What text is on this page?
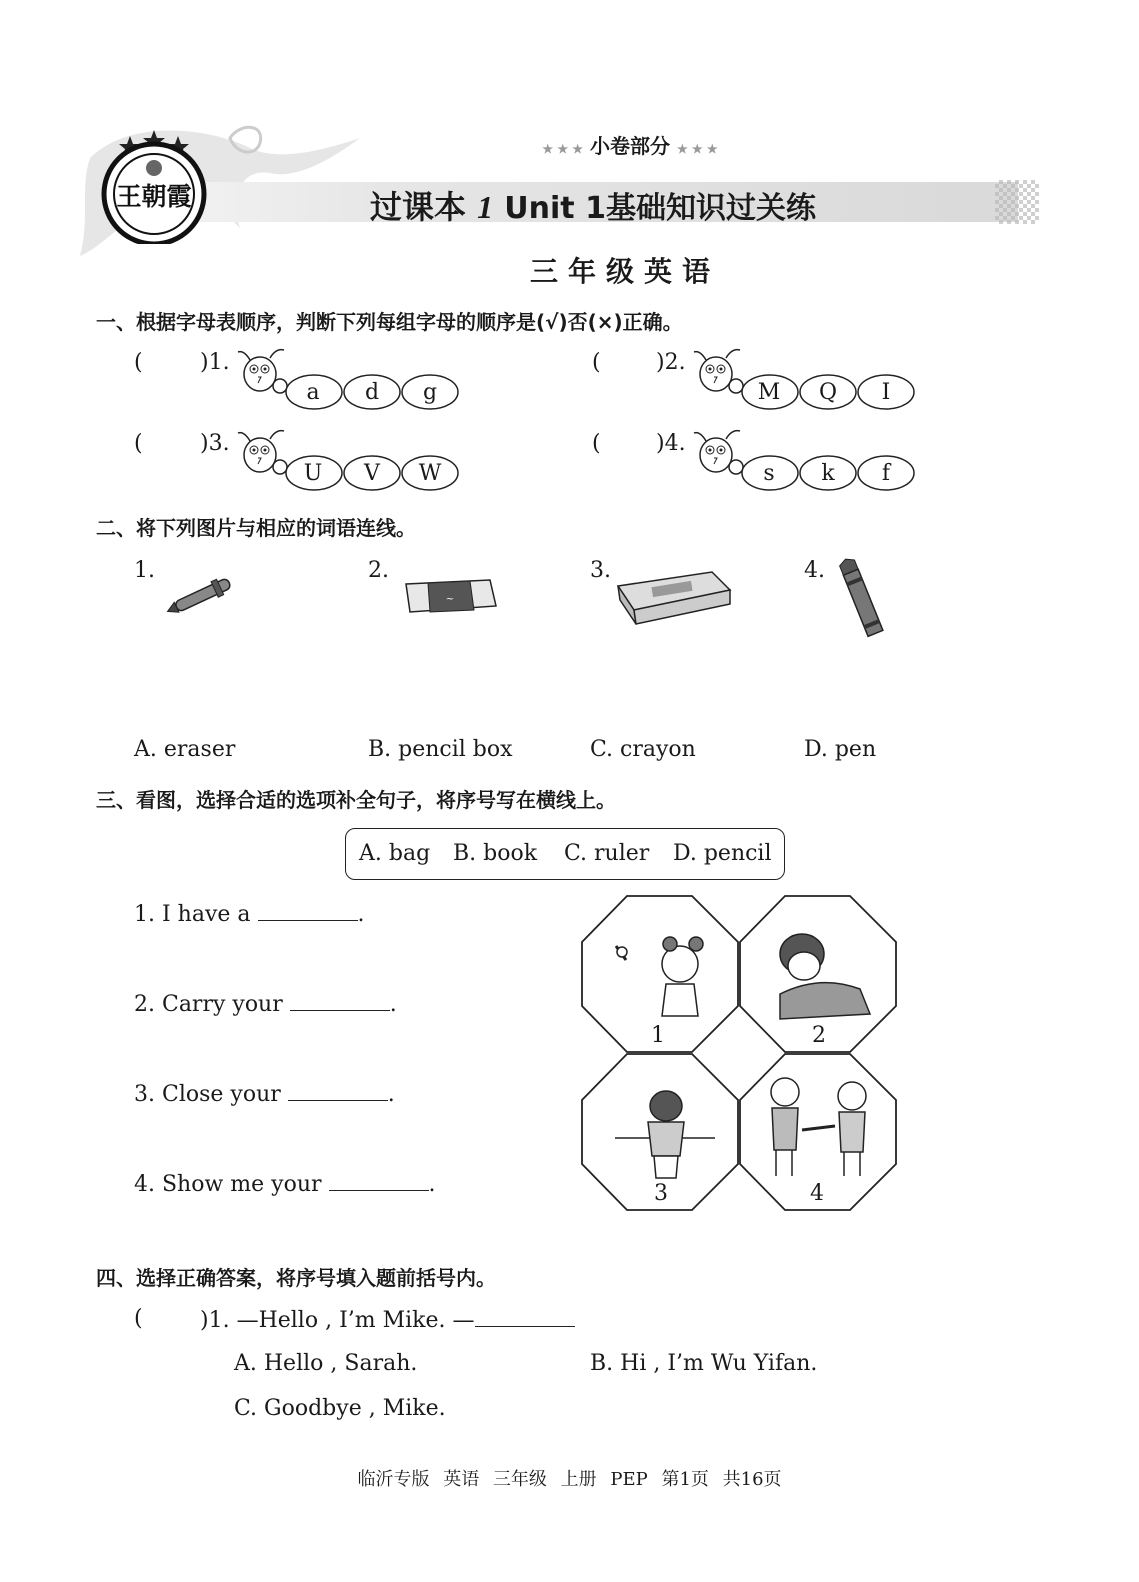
王朝霞
★ ★ ★ 小卷部分 ★ ★ ★
过课本 1 Unit 1基础知识过关练
三年级英语
一、根据字母表顺序，判断下列每组字母的顺序是(√)否(×)正确。
(	)1.
a	d	g
(	)2.
M Q	I
(	)3.
U	V	W
(	)4.
s	k	f
二、将下列图片与相应的词语连线。
1.	2.
~
3.	4.
A. eraser	B. pencil box	C. crayon	D. pen
三、看图，选择合适的选项补全句子，将序号写在横线上。
A. bag B. book C. ruler D. pencil
1. I have a	.
2. Carry your	.
3. Close your	.
4. Show me your	.
1	2
3	4
四、选择正确答案，将序号填入题前括号内。
(	)1. —Hello , I’m Mike. —
A. Hello , Sarah.	B. Hi , I’m Wu Yifan.
C. Goodbye , Mike.
临沂专版 英语 三年级 上册 PEP 第1页 共16页
